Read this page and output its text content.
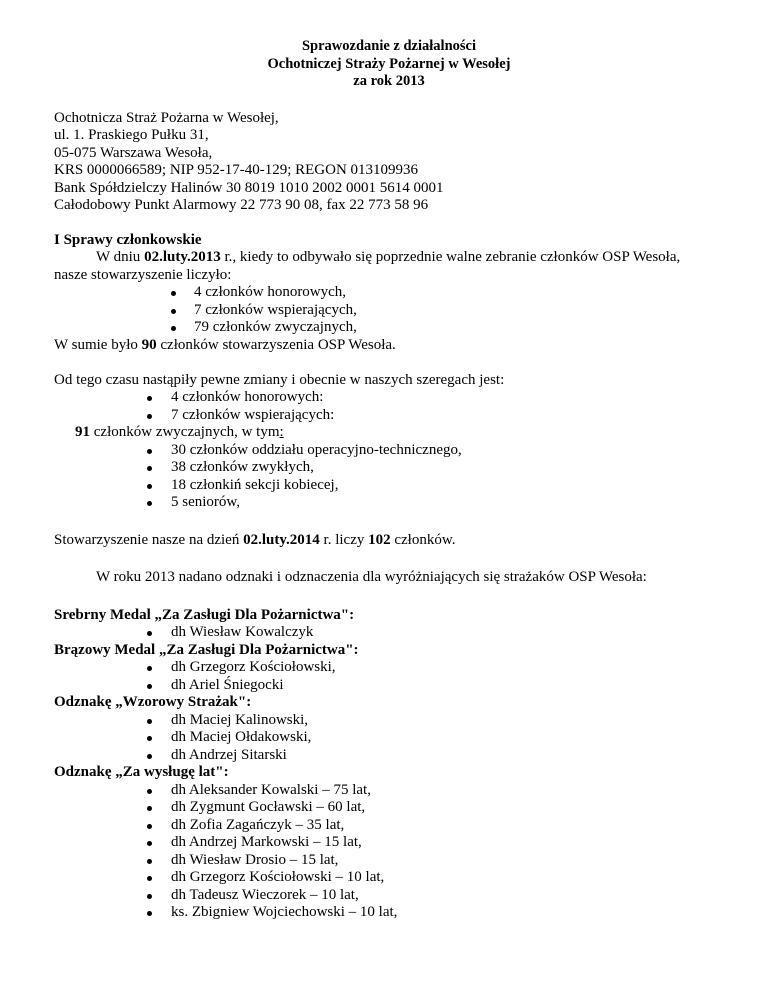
Sprawozdanie z działalności
Ochotniczej Straży Pożarnej w Wesołej
za rok 2013
Ochotnicza Straż Pożarna w Wesołej,
ul. 1. Praskiego Pułku 31,
05-075 Warszawa Wesoła,
KRS 0000066589; NIP 952-17-40-129; REGON 013109936
Bank Spółdzielczy Halinów 30 8019 1010 2002 0001 5614 0001
Całodobowy Punkt Alarmowy 22 773 90 08, fax 22 773 58 96
I Sprawy członkowskie
W dniu 02.luty.2013 r., kiedy to odbywało się poprzednie walne zebranie członków OSP Wesoła,
nasze stowarzyszenie liczyło:
4 członków honorowych,
7 członków wspierających,
79 członków zwyczajnych,
W sumie było 90 członków stowarzyszenia OSP Wesoła.
Od tego czasu nastąpiły pewne zmiany i obecnie w naszych szeregach jest:
4 członków honorowych:
7 członków wspierających:
91 członków zwyczajnych, w tym:
30 członków oddziału operacyjno-technicznego,
38 członków zwykłych,
18 członkiń sekcji kobiecej,
5 seniorów,
Stowarzyszenie nasze na dzień 02.luty.2014 r. liczy 102 członków.
W roku 2013 nadano odznaki i odznaczenia dla wyróżniających się strażaków OSP Wesoła:
Srebrny Medal „Za Zasługi Dla Pożarnictwa":
dh Wiesław Kowalczyk
Brązowy Medal „Za Zasługi Dla Pożarnictwa":
dh Grzegorz Kościołowski,
dh Ariel Śniegocki
Odznakę „Wzorowy Strażak":
dh Maciej Kalinowski,
dh Maciej Ołdakowski,
dh Andrzej Sitarski
Odznakę „Za wysługę lat":
dh Aleksander Kowalski – 75 lat,
dh Zygmunt Gocławski – 60 lat,
dh Zofia Zagańczyk – 35 lat,
dh Andrzej Markowski – 15 lat,
dh Wiesław Drosio – 15 lat,
dh Grzegorz Kościołowski – 10 lat,
dh Tadeusz Wieczorek – 10 lat,
ks. Zbigniew Wojciechowski – 10 lat,
